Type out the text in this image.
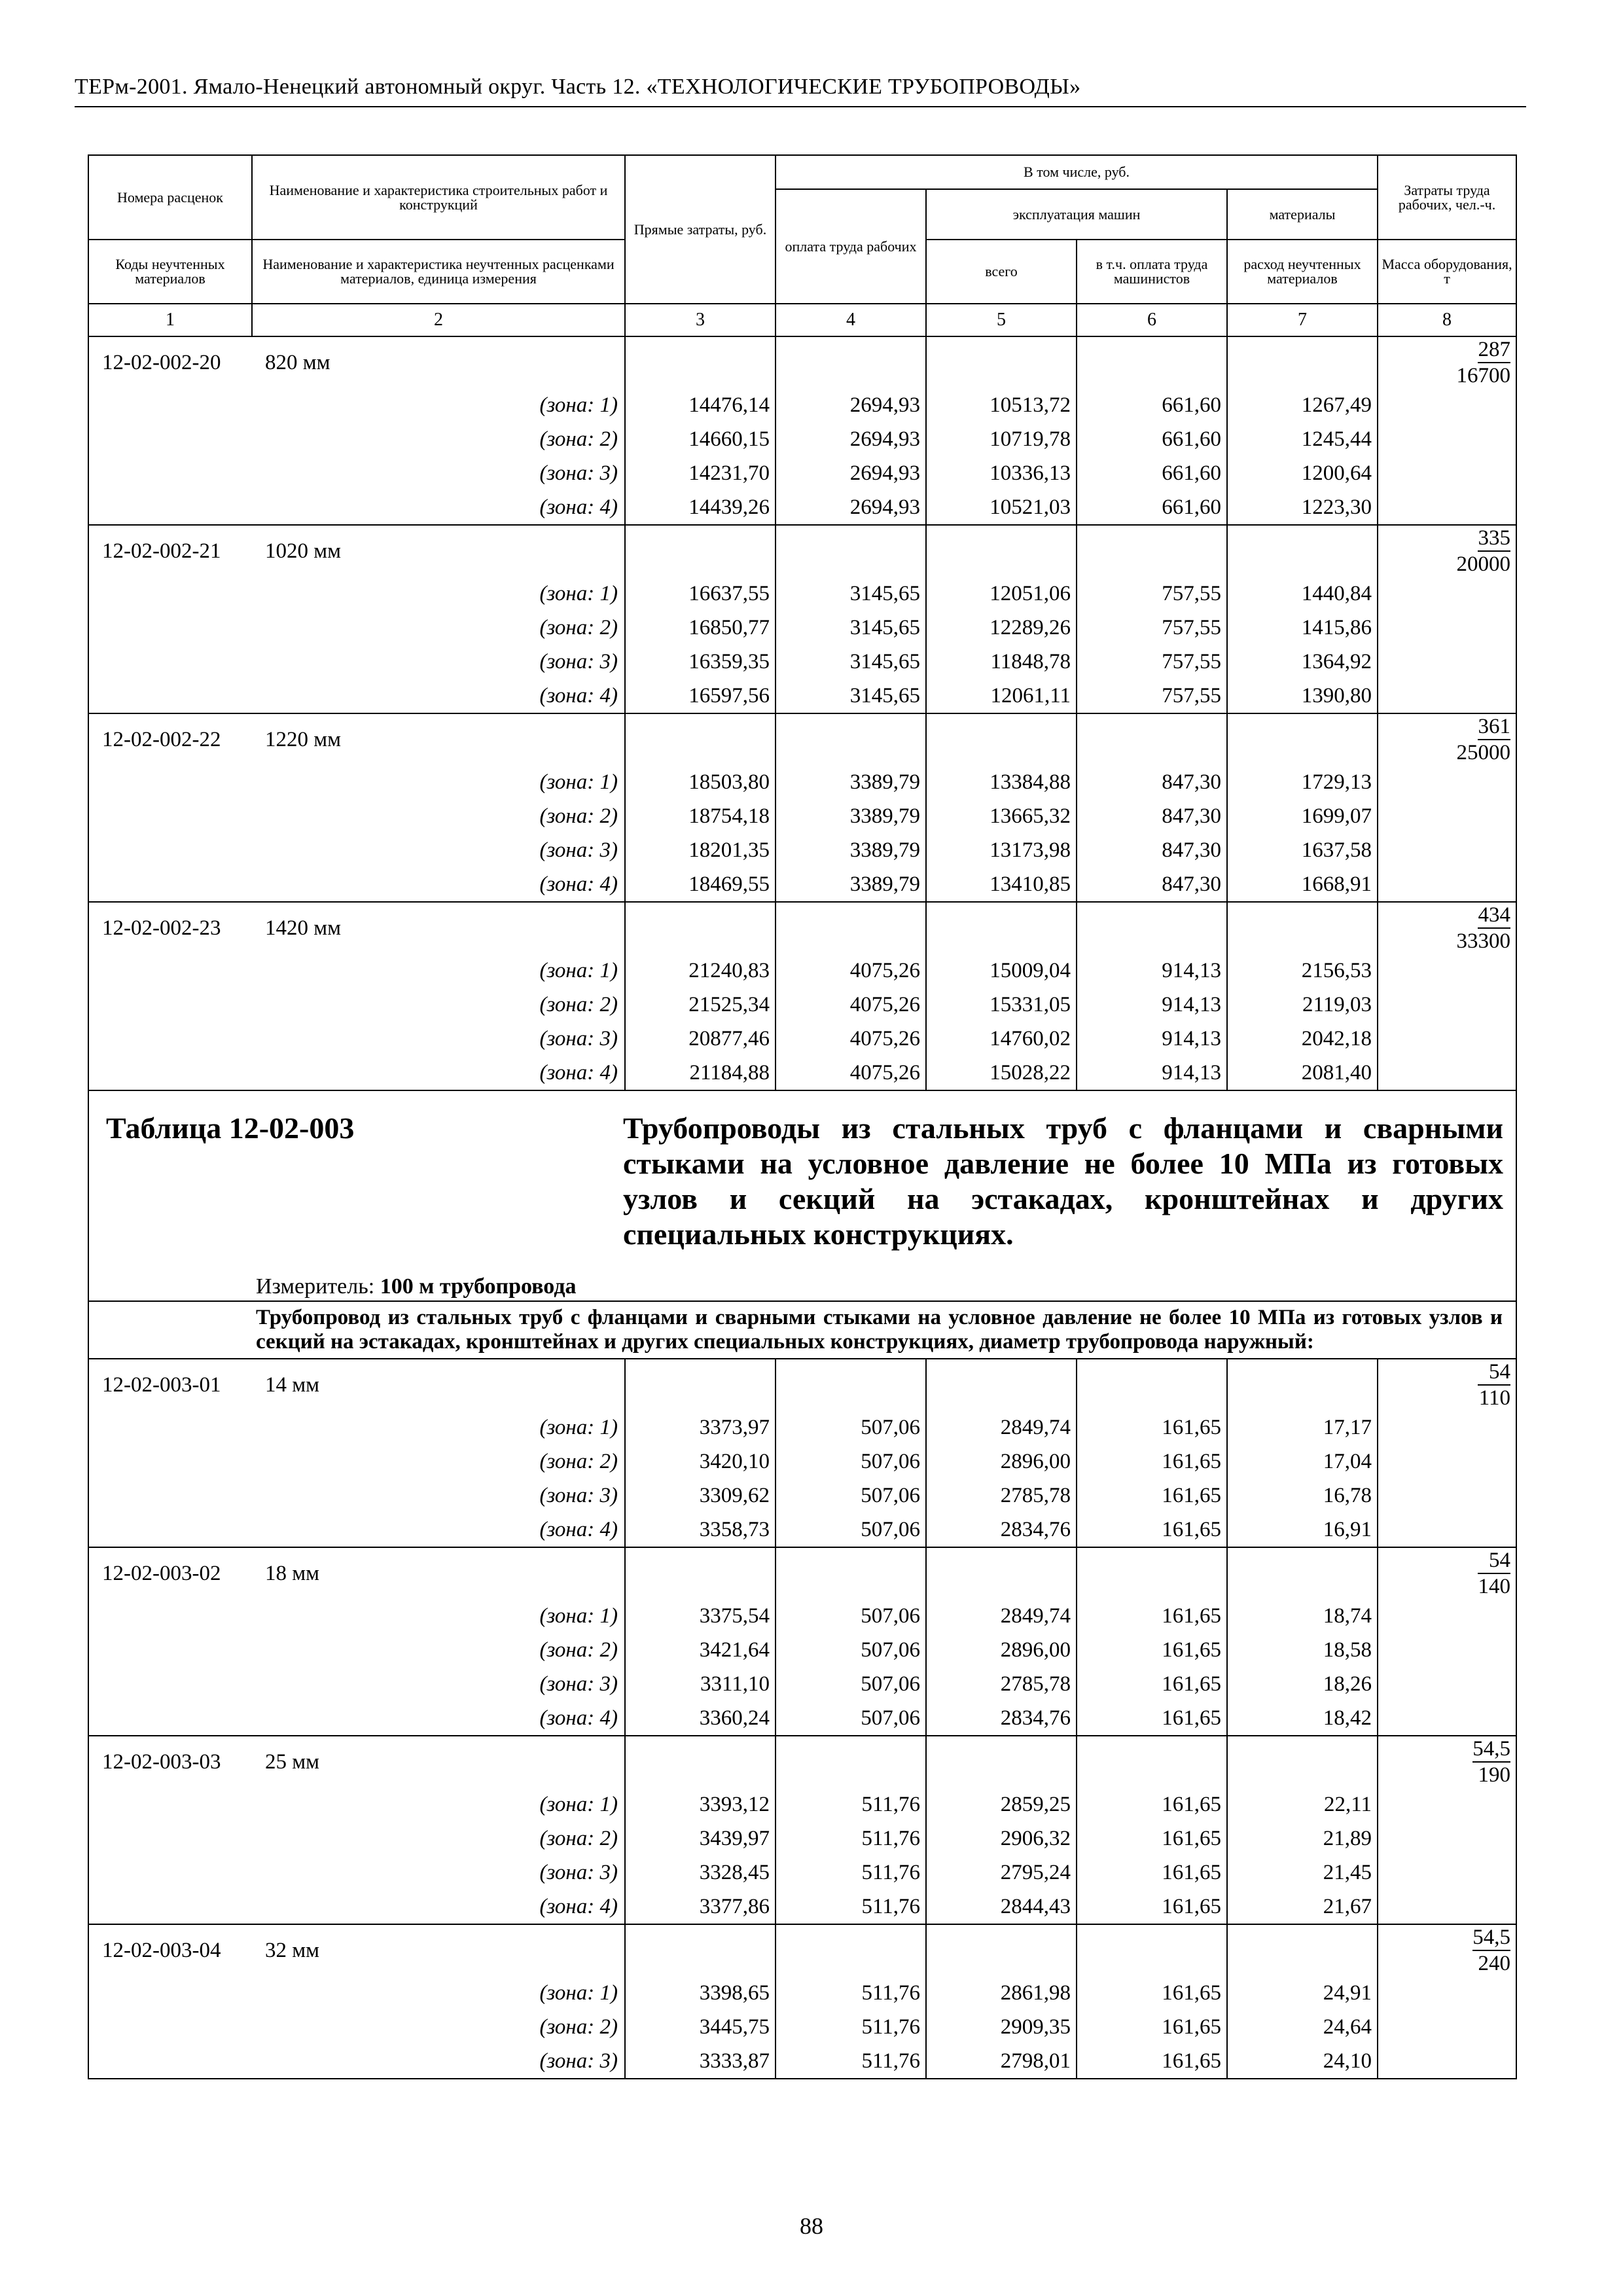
ТЕРм-2001. Ямало-Ненецкий автономный округ. Часть 12. «ТЕХНОЛОГИЧЕСКИЕ ТРУБОПРОВОДЫ»
Номера расценок	Наименование и характеристика строительных работ и конструкций	Прямые затраты, руб.	В том числе, руб.				Затраты труда рабочих, чел.-ч.
			оплата труда рабочих	эксплуатация машин		материалы	
Коды неучтенных материалов	Наименование и характеристика неучтенных расценками материалов, единица измерения			всего	в т.ч. оплата труда машинистов	расход неучтенных материалов	Масса оборудования, т
1	2	3	4	5	6	7	8
12-02-002-20	820 мм						287
16700
	(зона: 1)	14476,14	2694,93	10513,72	661,60	1267,49	
	(зона: 2)	14660,15	2694,93	10719,78	661,60	1245,44	
	(зона: 3)	14231,70	2694,93	10336,13	661,60	1200,64	
	(зона: 4)	14439,26	2694,93	10521,03	661,60	1223,30	
12-02-002-21	1020 мм						335
20000
	(зона: 1)	16637,55	3145,65	12051,06	757,55	1440,84	
	(зона: 2)	16850,77	3145,65	12289,26	757,55	1415,86	
	(зона: 3)	16359,35	3145,65	11848,78	757,55	1364,92	
	(зона: 4)	16597,56	3145,65	12061,11	757,55	1390,80	
12-02-002-22	1220 мм						361
25000
	(зона: 1)	18503,80	3389,79	13384,88	847,30	1729,13	
	(зона: 2)	18754,18	3389,79	13665,32	847,30	1699,07	
	(зона: 3)	18201,35	3389,79	13173,98	847,30	1637,58	
	(зона: 4)	18469,55	3389,79	13410,85	847,30	1668,91	
12-02-002-23	1420 мм						434
33300
	(зона: 1)	21240,83	4075,26	15009,04	914,13	2156,53	
	(зона: 2)	21525,34	4075,26	15331,05	914,13	2119,03	
	(зона: 3)	20877,46	4075,26	14760,02	914,13	2042,18	
	(зона: 4)	21184,88	4075,26	15028,22	914,13	2081,40	

Таблица 12-02-003 Трубопроводы из стальных труб с фланцами и сварными стыками на условное давление не более 10 МПа из готовых узлов и секций на эстакадах, кронштейнах и других специальных конструкциях.
Измеритель: 100 м трубопровода							

Трубопровод из стальных труб с фланцами и сварными стыками на условное давление не более 10 МПа из готовых узлов и секций на эстакадах, кронштейнах и других специальных конструкциях, диаметр трубопровода наружный:							
12-02-003-01	14 мм						54
110
	(зона: 1)	3373,97	507,06	2849,74	161,65	17,17	
	(зона: 2)	3420,10	507,06	2896,00	161,65	17,04	
	(зона: 3)	3309,62	507,06	2785,78	161,65	16,78	
	(зона: 4)	3358,73	507,06	2834,76	161,65	16,91	
12-02-003-02	18 мм						54
140
	(зона: 1)	3375,54	507,06	2849,74	161,65	18,74	
	(зона: 2)	3421,64	507,06	2896,00	161,65	18,58	
	(зона: 3)	3311,10	507,06	2785,78	161,65	18,26	
	(зона: 4)	3360,24	507,06	2834,76	161,65	18,42	
12-02-003-03	25 мм						54,5
190
	(зона: 1)	3393,12	511,76	2859,25	161,65	22,11	
	(зона: 2)	3439,97	511,76	2906,32	161,65	21,89	
	(зона: 3)	3328,45	511,76	2795,24	161,65	21,45	
	(зона: 4)	3377,86	511,76	2844,43	161,65	21,67	
12-02-003-04	32 мм						54,5
240
	(зона: 1)	3398,65	511,76	2861,98	161,65	24,91	
	(зона: 2)	3445,75	511,76	2909,35	161,65	24,64	
	(зона: 3)	3333,87	511,76	2798,01	161,65	24,10	
88
